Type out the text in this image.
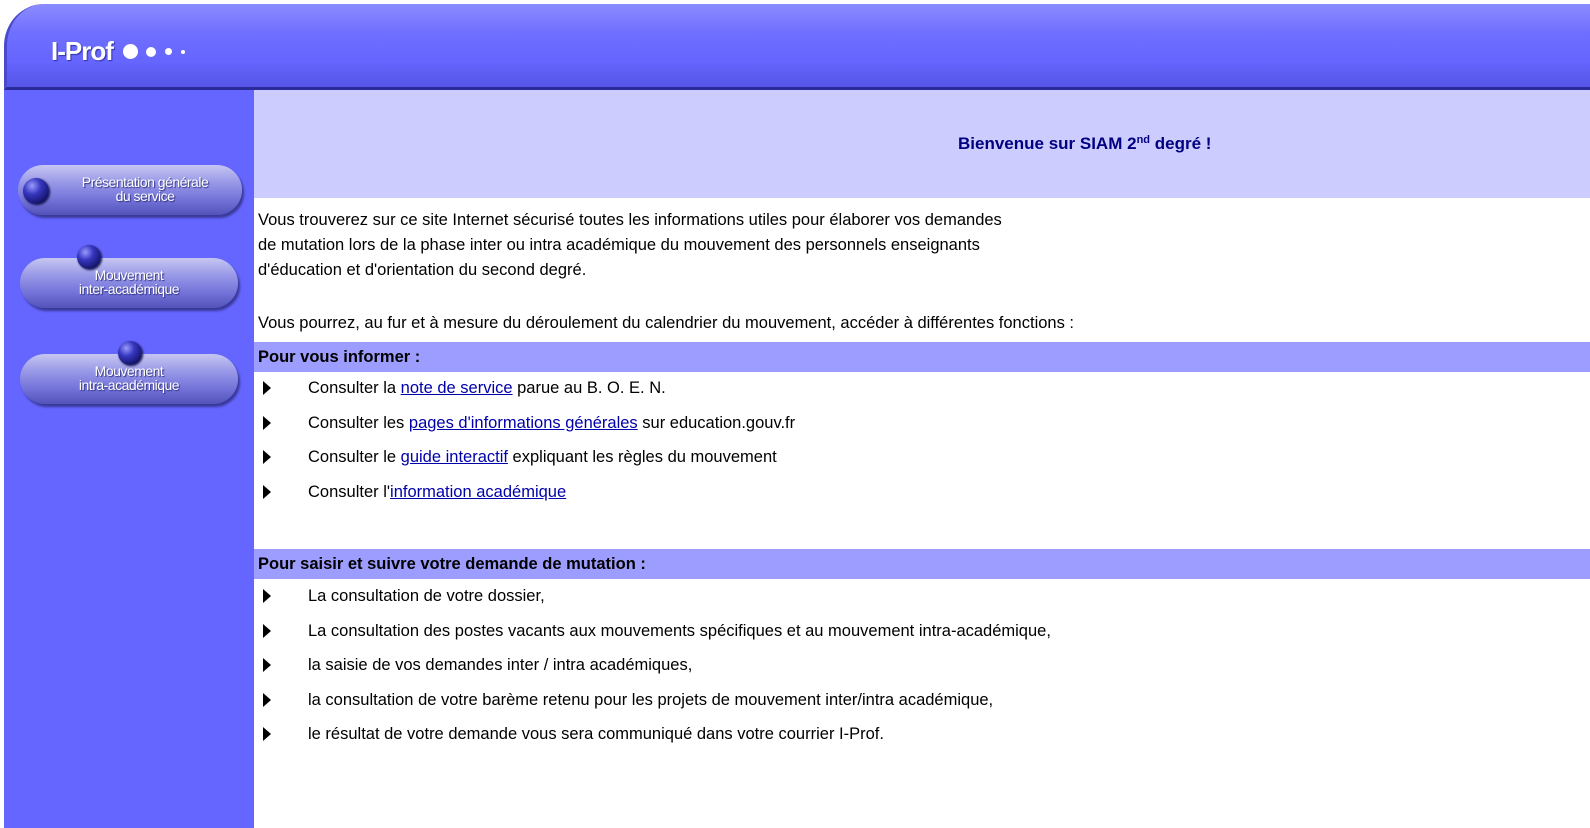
I-Prof
Présentation générale
du service
Mouvement
inter-académique
Mouvement
intra-académique
Bienvenue sur SIAM 2nd degré !
Vous trouverez sur ce site Internet sécurisé toutes les informations utiles pour élaborer vos demandes
de mutation lors de la phase inter ou intra académique du mouvement des personnels enseignants
d'éducation et d'orientation du second degré.
Vous pourrez, au fur et à mesure du déroulement du calendrier du mouvement, accéder à différentes fonctions :
Pour vous informer :
Consulter la note de service parue au B. O. E. N.
Consulter les pages d'informations générales sur education.gouv.fr
Consulter le guide interactif expliquant les règles du mouvement
Consulter l'information académique
Pour saisir et suivre votre demande de mutation :
La consultation de votre dossier,
La consultation des postes vacants aux mouvements spécifiques et au mouvement intra-académique,
la saisie de vos demandes inter / intra académiques,
la consultation de votre barème retenu pour les projets de mouvement inter/intra académique,
le résultat de votre demande vous sera communiqué dans votre courrier I-Prof.
